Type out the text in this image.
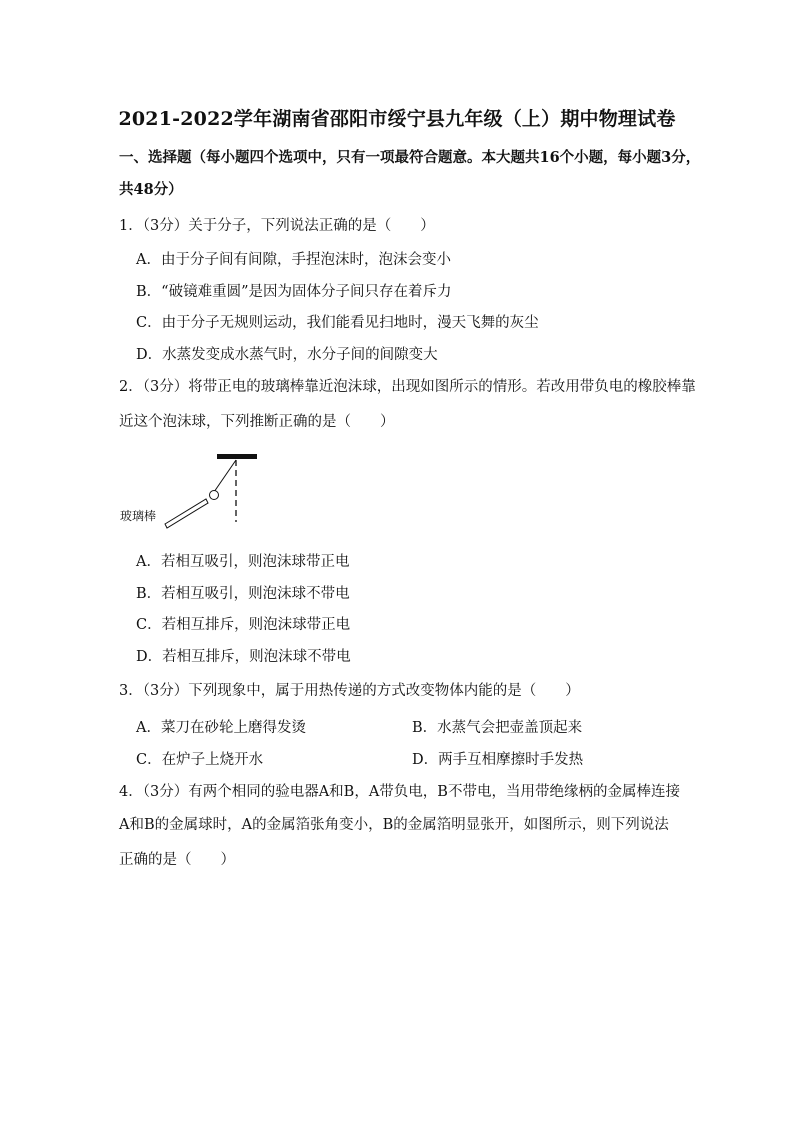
2021-2022学年湖南省邵阳市绥宁县九年级（上）期中物理试卷
一、选择题（每小题四个选项中，只有一项最符合题意。本大题共16个小题，每小题3分，
共48分）
1．（3分）关于分子，下列说法正确的是（　　）
A．由于分子间有间隙，手捏泡沫时，泡沫会变小
B．“破镜难重圆”是因为固体分子间只存在着斥力
C．由于分子无规则运动，我们能看见扫地时，漫天飞舞的灰尘
D．水蒸发变成水蒸气时，水分子间的间隙变大
2．（3分）将带正电的玻璃棒靠近泡沫球，出现如图所示的情形。若改用带负电的橡胶棒靠
近这个泡沫球，下列推断正确的是（　　）
玻璃棒
A．若相互吸引，则泡沫球带正电
B．若相互吸引，则泡沫球不带电
C．若相互排斥，则泡沫球带正电
D．若相互排斥，则泡沫球不带电
3．（3分）下列现象中，属于用热传递的方式改变物体内能的是（　　）
A．菜刀在砂轮上磨得发烫	B．水蒸气会把壶盖顶起来
C．在炉子上烧开水	D．两手互相摩擦时手发热
4．（3分）有两个相同的验电器A和B，A带负电，B不带电，当用带绝缘柄的金属棒连接
A和B的金属球时，A的金属箔张角变小，B的金属箔明显张开，如图所示，则下列说法
正确的是（　　）
